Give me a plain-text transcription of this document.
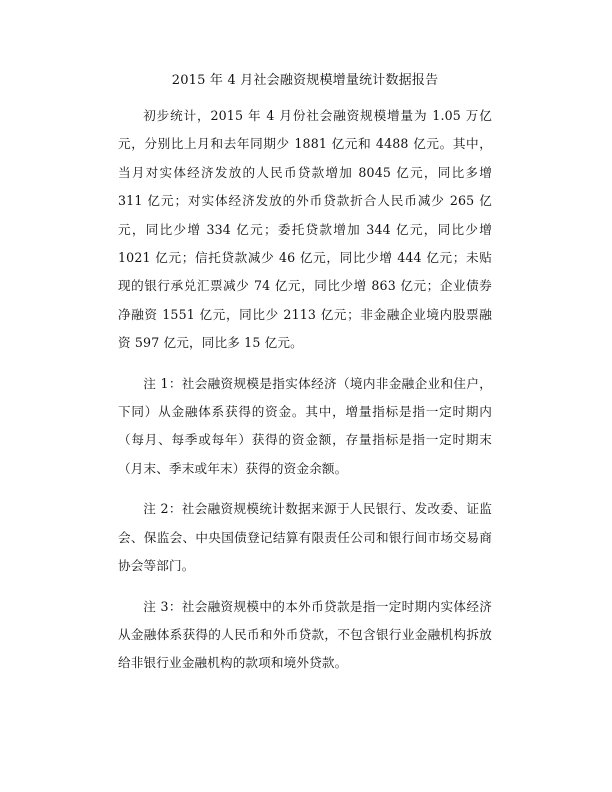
2015 年 4 月社会融资规模增量统计数据报告

初步统计，2015 年 4 月份社会融资规模增量为 1.05 万亿元，分别比上月和去年同期少 1881 亿元和 4488 亿元。其中，当月对实体经济发放的人民币贷款增加 8045 亿元，同比多增 311 亿元；对实体经济发放的外币贷款折合人民币减少 265 亿元，同比少增 334 亿元；委托贷款增加 344 亿元，同比少增 1021 亿元；信托贷款减少 46 亿元，同比少增 444 亿元；未贴现的银行承兑汇票减少 74 亿元，同比少增 863 亿元；企业债券净融资 1551 亿元，同比少 2113 亿元；非金融企业境内股票融资 597 亿元，同比多 15 亿元。

注 1：社会融资规模是指实体经济（境内非金融企业和住户，下同）从金融体系获得的资金。其中，增量指标是指一定时期内（每月、每季或每年）获得的资金额，存量指标是指一定时期末（月末、季末或年末）获得的资金余额。

注 2：社会融资规模统计数据来源于人民银行、发改委、证监会、保监会、中央国债登记结算有限责任公司和银行间市场交易商协会等部门。

注 3：社会融资规模中的本外币贷款是指一定时期内实体经济从金融体系获得的人民币和外币贷款，不包含银行业金融机构拆放给非银行业金融机构的款项和境外贷款。
